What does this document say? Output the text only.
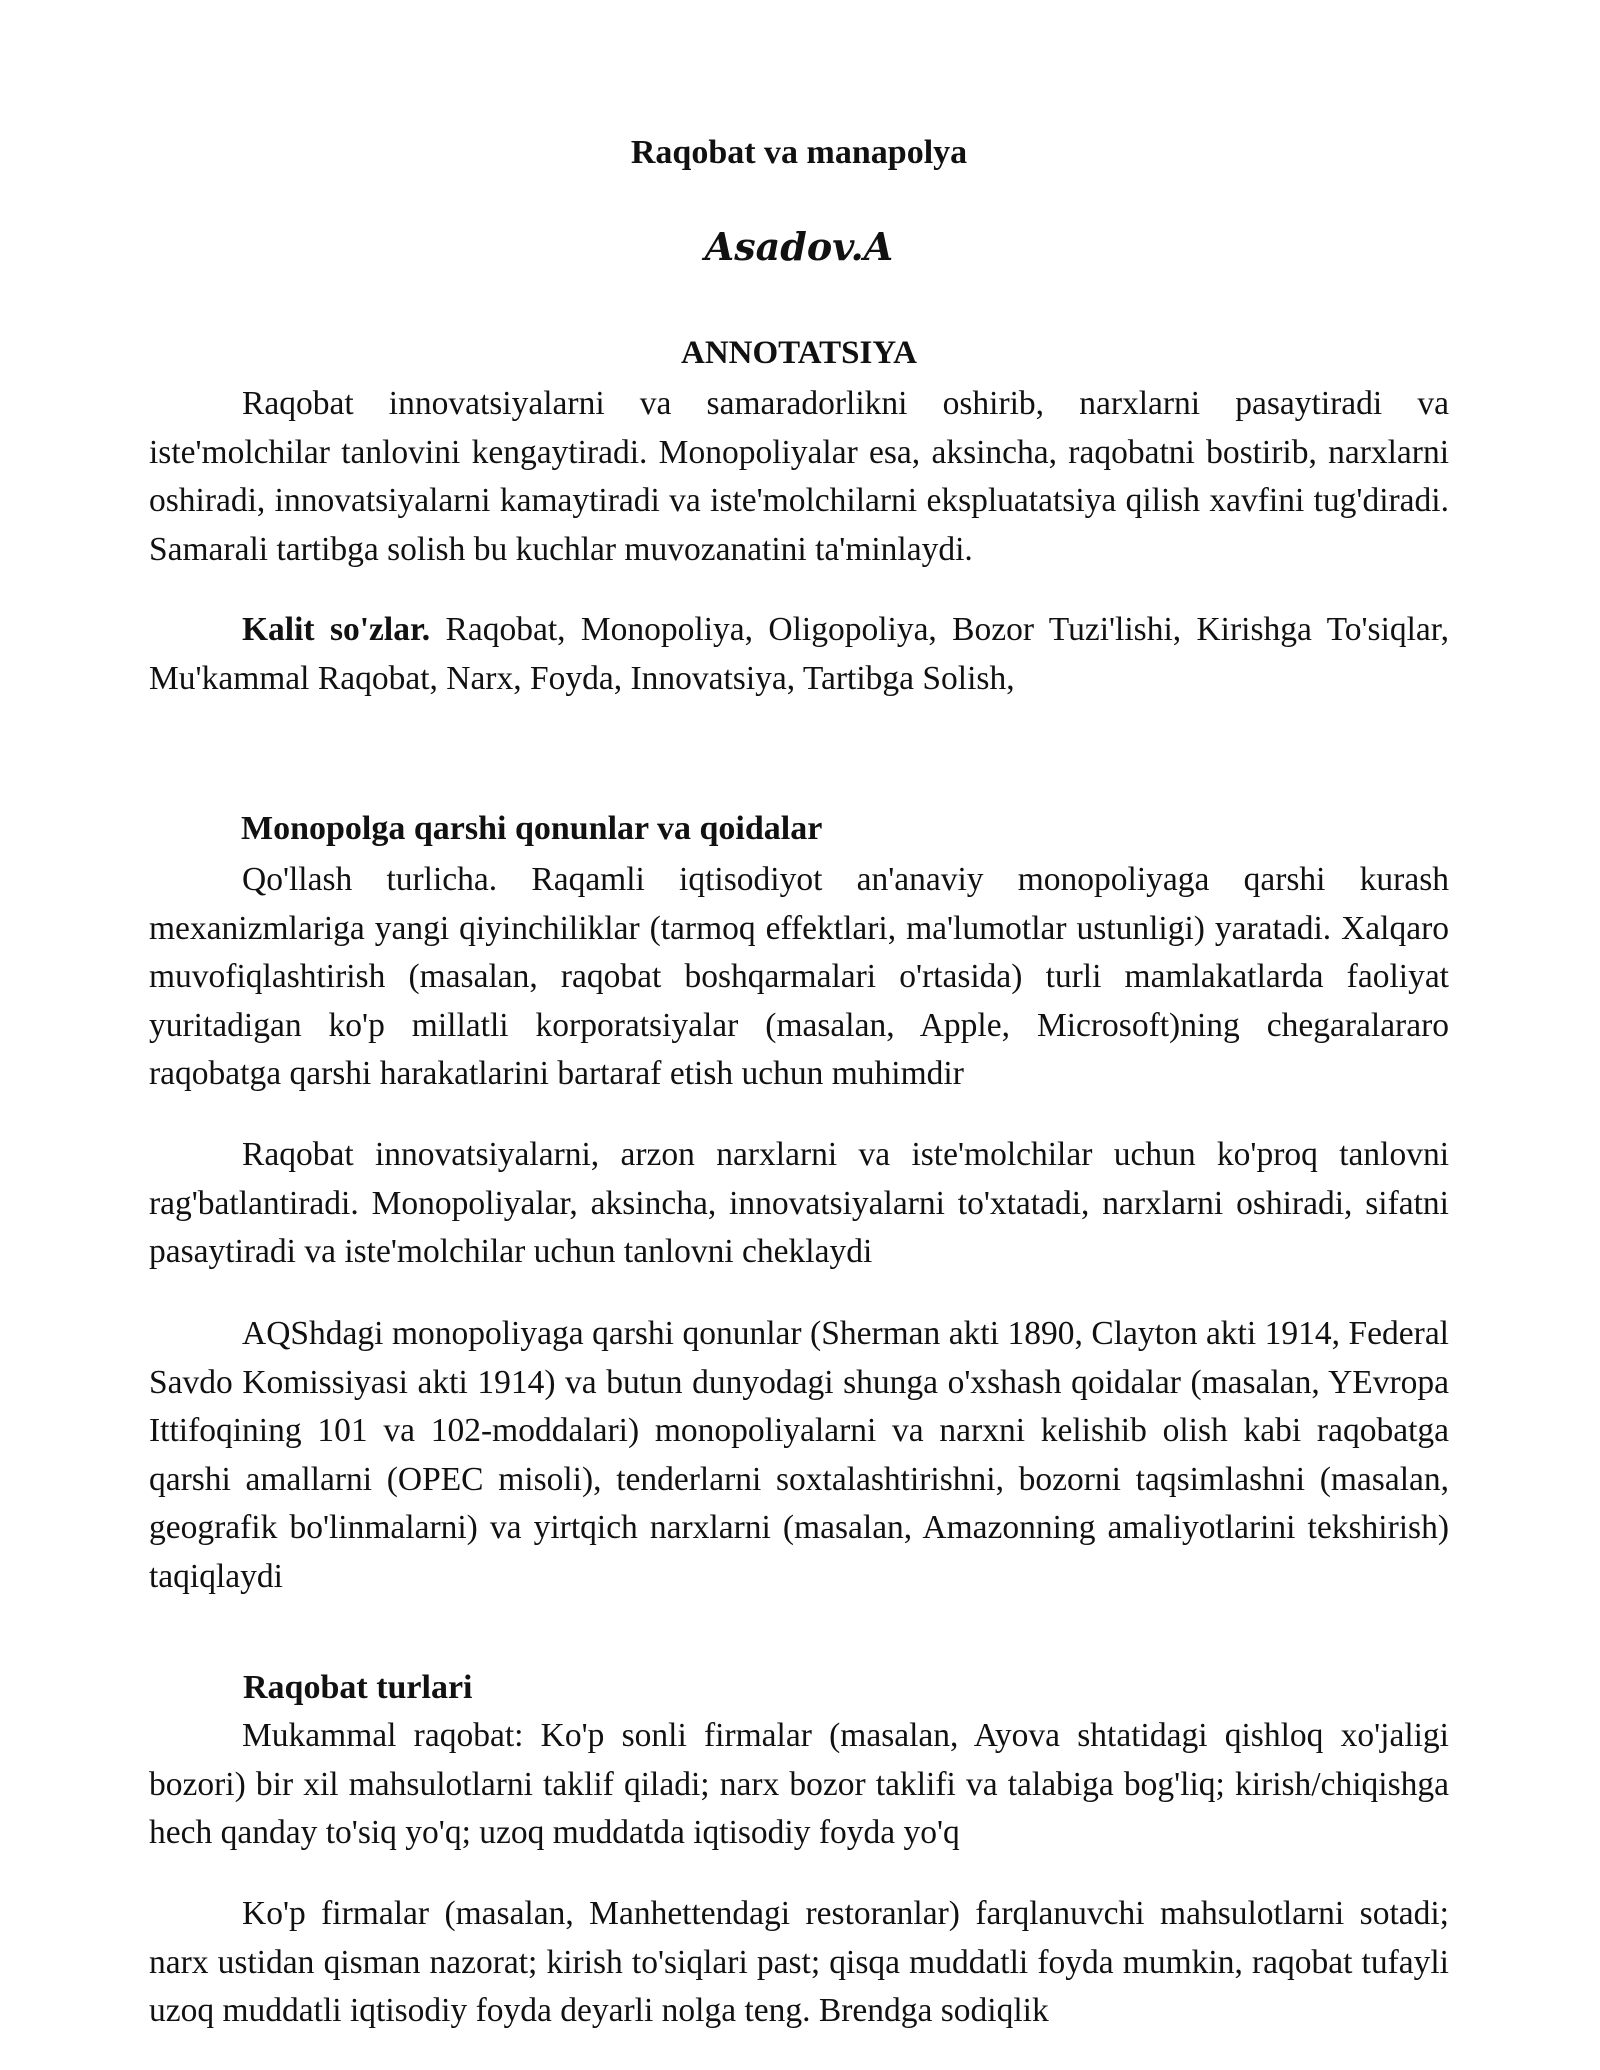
Raqobat va manapolya
Asadov.A
ANNOTATSIYA
Raqobat innovatsiyalarni va samaradorlikni oshirib, narxlarni pasaytiradi va iste'molchilar tanlovini kengaytiradi. Monopoliyalar esa, aksincha, raqobatni bostirib, narxlarni oshiradi, innovatsiyalarni kamaytiradi va iste'molchilarni ekspluatatsiya qilish xavfini tug'diradi. Samarali tartibga solish bu kuchlar muvozanatini ta'minlaydi.
Kalit so'zlar. Raqobat, Monopoliya, Oligopoliya, Bozor Tuzi'lishi, Kirishga To'siqlar, Mu'kammal Raqobat, Narx, Foyda, Innovatsiya, Tartibga Solish,
Monopolga qarshi qonunlar va qoidalar
Qo'llash turlicha. Raqamli iqtisodiyot an'anaviy monopoliyaga qarshi kurash mexanizmlariga yangi qiyinchiliklar (tarmoq effektlari, ma'lumotlar ustunligi) yaratadi. Xalqaro muvofiqlashtirish (masalan, raqobat boshqarmalari o'rtasida) turli mamlakatlarda faoliyat yuritadigan ko'p millatli korporatsiyalar (masalan, Apple, Microsoft)ning chegaralararo raqobatga qarshi harakatlarini bartaraf etish uchun muhimdir
Raqobat innovatsiyalarni, arzon narxlarni va iste'molchilar uchun ko'proq tanlovni rag'batlantiradi. Monopoliyalar, aksincha, innovatsiyalarni to'xtatadi, narxlarni oshiradi, sifatni pasaytiradi va iste'molchilar uchun tanlovni cheklaydi
AQShdagi monopoliyaga qarshi qonunlar (Sherman akti 1890, Clayton akti 1914, Federal Savdo Komissiyasi akti 1914) va butun dunyodagi shunga o'xshash qoidalar (masalan, YEvropa Ittifoqining 101 va 102-moddalari) monopoliyalarni va narxni kelishib olish kabi raqobatga qarshi amallarni (OPEC misoli), tenderlarni soxtalashtirishni, bozorni taqsimlashni (masalan, geografik bo'linmalarni) va yirtqich narxlarni (masalan, Amazonning amaliyotlarini tekshirish) taqiqlaydi
Raqobat turlari
Mukammal raqobat: Ko'p sonli firmalar (masalan, Ayova shtatidagi qishloq xo'jaligi bozori) bir xil mahsulotlarni taklif qiladi; narx bozor taklifi va talabiga bog'liq; kirish/chiqishga hech qanday to'siq yo'q; uzoq muddatda iqtisodiy foyda yo'q
Ko'p firmalar (masalan, Manhettendagi restoranlar) farqlanuvchi mahsulotlarni sotadi; narx ustidan qisman nazorat; kirish to'siqlari past; qisqa muddatli foyda mumkin, raqobat tufayli uzoq muddatli iqtisodiy foyda deyarli nolga teng. Brendga sodiqlik
